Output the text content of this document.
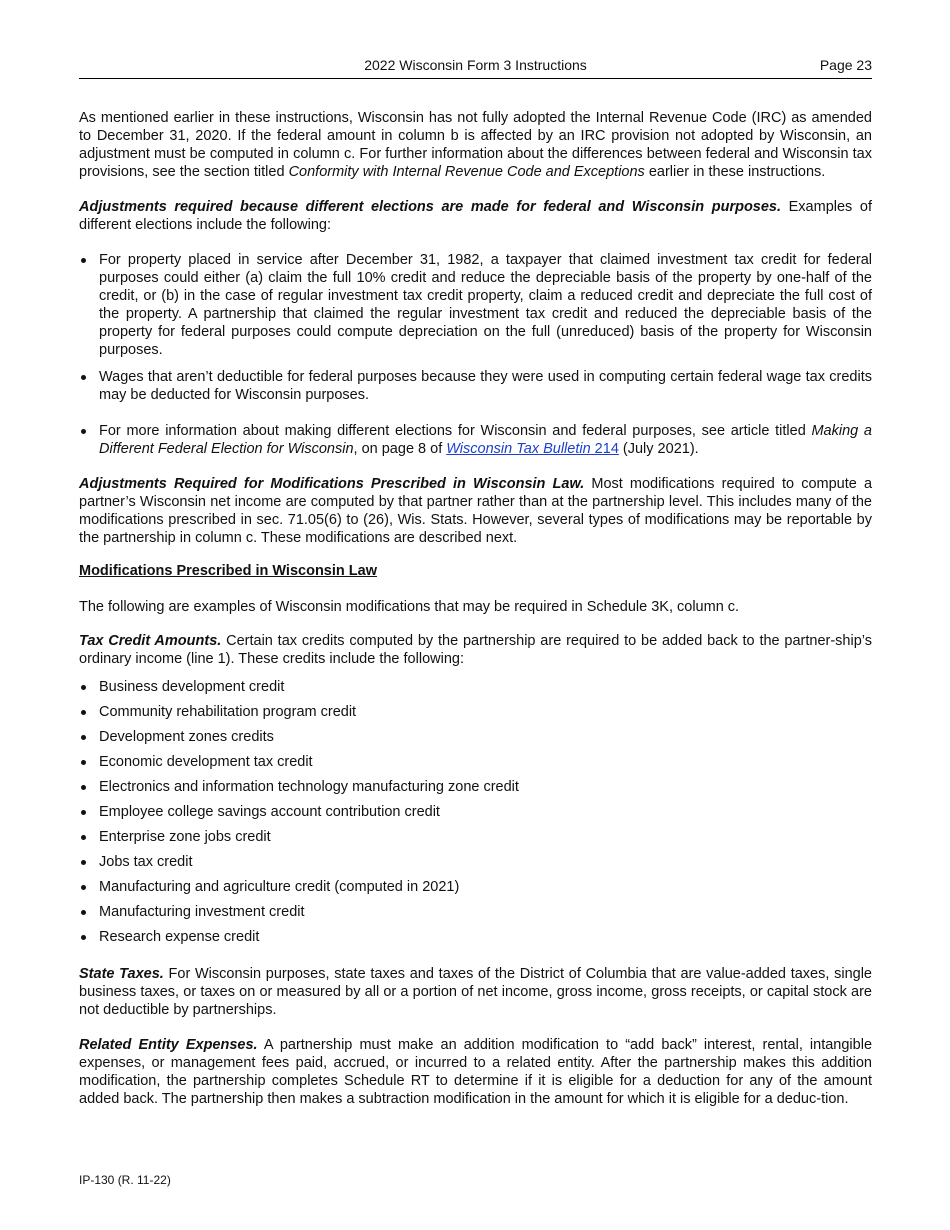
2022 Wisconsin Form 3 Instructions	Page 23

As mentioned earlier in these instructions, Wisconsin has not fully adopted the Internal Revenue Code (IRC) as amended to December 31, 2020. If the federal amount in column b is affected by an IRC provision not adopted by Wisconsin, an adjustment must be computed in column c. For further information about the differences between federal and Wisconsin tax provisions, see the section titled Conformity with Internal Revenue Code and Exceptions earlier in these instructions.

Adjustments required because different elections are made for federal and Wisconsin purposes. Examples of different elections include the following:

For property placed in service after December 31, 1982, a taxpayer that claimed investment tax credit for federal purposes could either (a) claim the full 10% credit and reduce the depreciable basis of the property by one-half of the credit, or (b) in the case of regular investment tax credit property, claim a reduced credit and depreciate the full cost of the property. A partnership that claimed the regular investment tax credit and reduced the depreciable basis of the property for federal purposes could compute depreciation on the full (unreduced) basis of the property for Wisconsin purposes.
Wages that aren’t deductible for federal purposes because they were used in computing certain federal wage tax credits may be deducted for Wisconsin purposes.
For more information about making different elections for Wisconsin and federal purposes, see article titled Making a Different Federal Election for Wisconsin, on page 8 of Wisconsin Tax Bulletin 214 (July 2021).

Adjustments Required for Modifications Prescribed in Wisconsin Law. Most modifications required to compute a partner’s Wisconsin net income are computed by that partner rather than at the partnership level. This includes many of the modifications prescribed in sec. 71.05(6) to (26), Wis. Stats. However, several types of modifications may be reportable by the partnership in column c. These modifications are described next.

Modifications Prescribed in Wisconsin Law

The following are examples of Wisconsin modifications that may be required in Schedule 3K, column c.

Tax Credit Amounts. Certain tax credits computed by the partnership are required to be added back to the partner-ship’s ordinary income (line 1). These credits include the following:

Business development credit
Community rehabilitation program credit
Development zones credits
Economic development tax credit
Electronics and information technology manufacturing zone credit
Employee college savings account contribution credit
Enterprise zone jobs credit
Jobs tax credit
Manufacturing and agriculture credit (computed in 2021)
Manufacturing investment credit
Research expense credit

State Taxes. For Wisconsin purposes, state taxes and taxes of the District of Columbia that are value-added taxes, single business taxes, or taxes on or measured by all or a portion of net income, gross income, gross receipts, or capital stock are not deductible by partnerships.

Related Entity Expenses. A partnership must make an addition modification to “add back” interest, rental, intangible expenses, or management fees paid, accrued, or incurred to a related entity. After the partnership makes this addition modification, the partnership completes Schedule RT to determine if it is eligible for a deduction for any of the amount added back. The partnership then makes a subtraction modification in the amount for which it is eligible for a deduc-tion.

IP-130 (R. 11-22)
